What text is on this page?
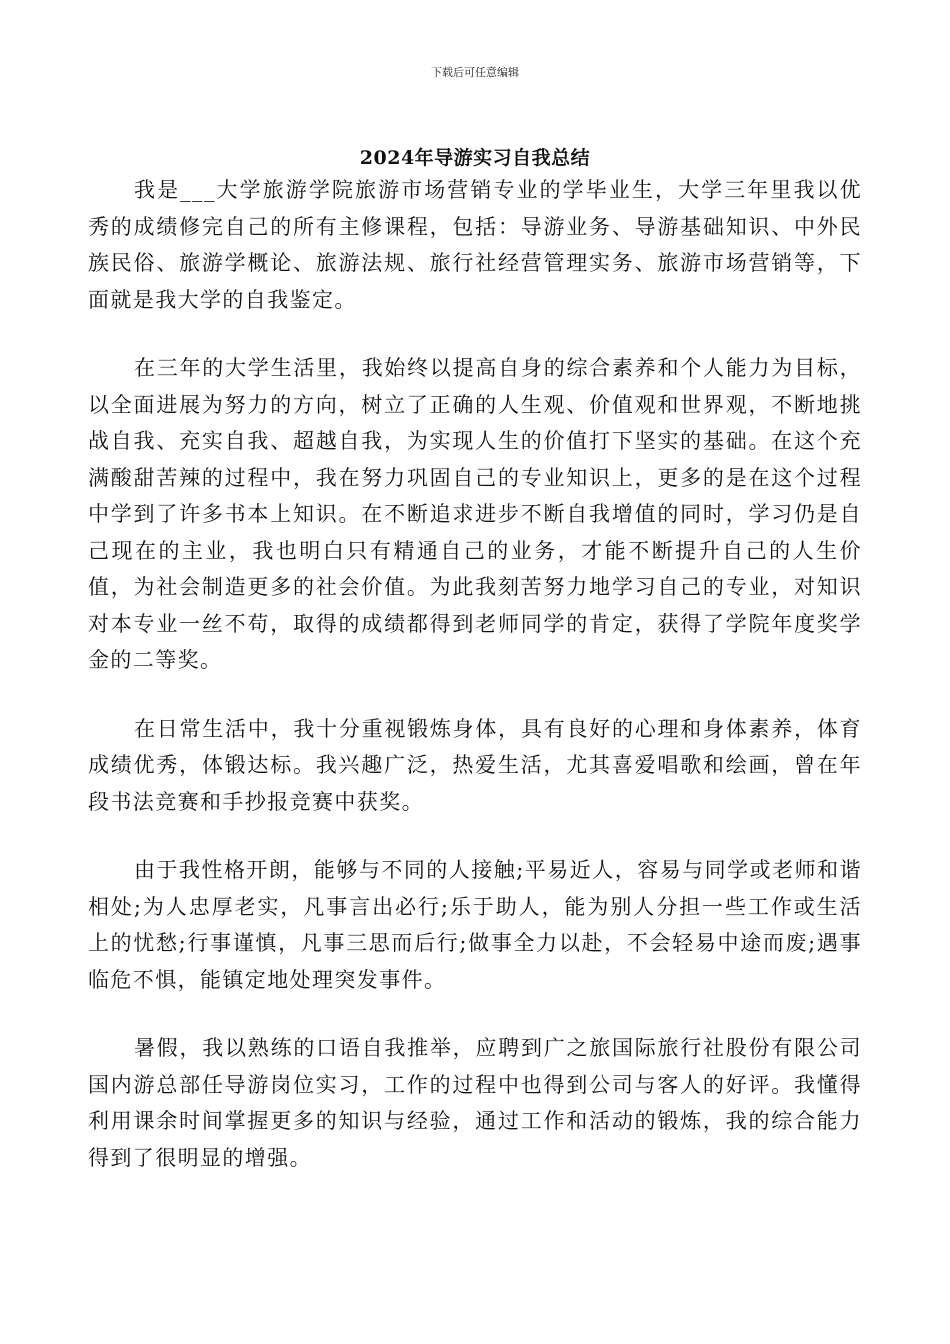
下载后可任意编辑
2024年导游实习自我总结

我是___大学旅游学院旅游市场营销专业的学毕业生，大学三年里我以优秀的成绩修完自己的所有主修课程，包括：导游业务、导游基础知识、中外民族民俗、旅游学概论、旅游法规、旅行社经营管理实务、旅游市场营销等，下面就是我大学的自我鉴定。

在三年的大学生活里，我始终以提高自身的综合素养和个人能力为目标，以全面进展为努力的方向，树立了正确的人生观、价值观和世界观，不断地挑战自我、充实自我、超越自我，为实现人生的价值打下坚实的基础。在这个充满酸甜苦辣的过程中，我在努力巩固自己的专业知识上，更多的是在这个过程中学到了许多书本上知识。在不断追求进步不断自我增值的同时，学习仍是自己现在的主业，我也明白只有精通自己的业务，才能不断提升自己的人生价值，为社会制造更多的社会价值。为此我刻苦努力地学习自己的专业，对知识对本专业一丝不苟，取得的成绩都得到老师同学的肯定，获得了学院年度奖学金的二等奖。

在日常生活中，我十分重视锻炼身体，具有良好的心理和身体素养，体育成绩优秀，体锻达标。我兴趣广泛，热爱生活，尤其喜爱唱歌和绘画，曾在年段书法竞赛和手抄报竞赛中获奖。

由于我性格开朗，能够与不同的人接触;平易近人，容易与同学或老师和谐相处;为人忠厚老实，凡事言出必行;乐于助人，能为别人分担一些工作或生活上的忧愁;行事谨慎，凡事三思而后行;做事全力以赴，不会轻易中途而废;遇事临危不惧，能镇定地处理突发事件。

暑假，我以熟练的口语自我推举，应聘到广之旅国际旅行社股份有限公司国内游总部任导游岗位实习，工作的过程中也得到公司与客人的好评。我懂得利用课余时间掌握更多的知识与经验，通过工作和活动的锻炼，我的综合能力得到了很明显的增强。
